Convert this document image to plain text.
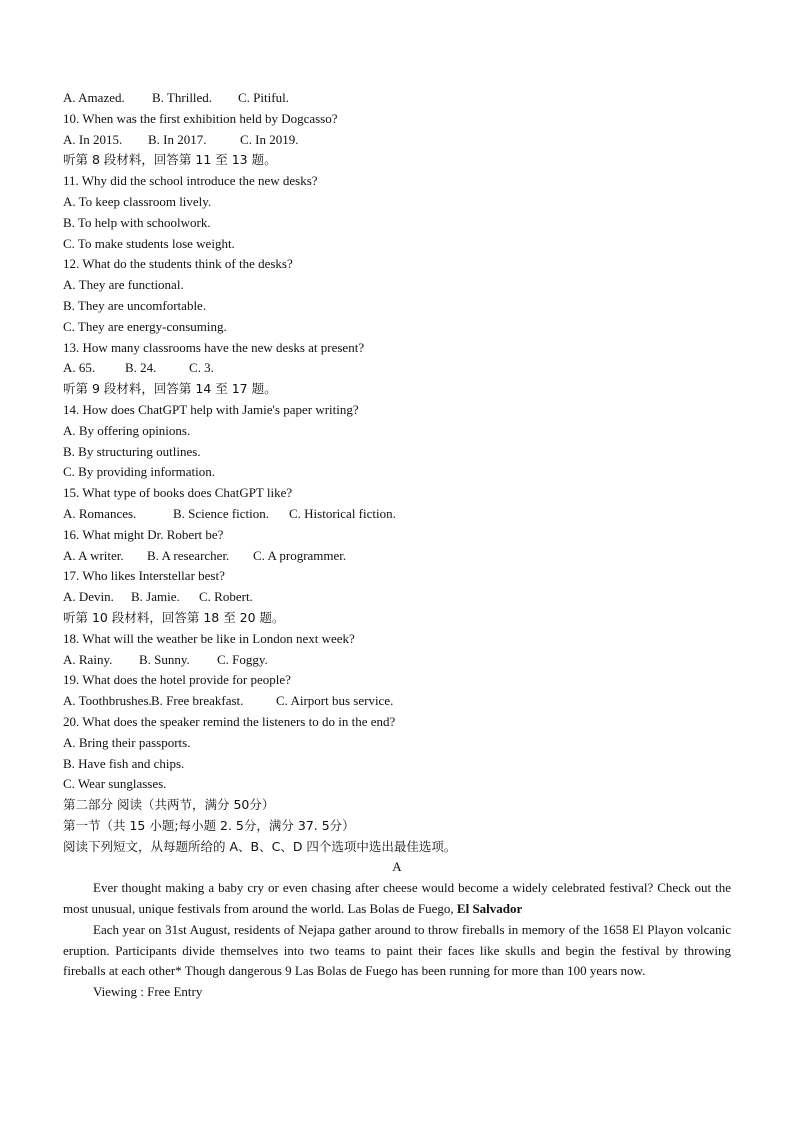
A. Amazed. B. Thrilled. C. Pitiful.
10. When was the first exhibition held by Dogcasso?
A. In 2015. B. In 2017.	C. In 2019.
听第 8 段材料，回答第 11 至 13 题。
11. Why did the school introduce the new desks?
A. To keep classroom lively.
B. To help with schoolwork.
C. To make students lose weight.
12. What do the students think of the desks?
A. They are functional.
B. They are uncomfortable.
C. They are energy-consuming.
13. How many classrooms have the new desks at present?
A. 65. B. 24.	C. 3.
听第 9 段材料，回答第 14 至 17 题。
14. How does ChatGPT help with Jamie's paper writing?
A. By offering opinions.
B. By structuring outlines.
C. By providing information.
15. What type of books does ChatGPT like?
A. Romances.	B. Science fiction. C. Historical fiction.
16. What might Dr. Robert be?
A. A writer. B. A researcher. C. A programmer.
17. Who likes Interstellar best?
A. Devin. B. Jamie. C. Robert.
听第 10 段材料，回答第 18 至 20 题。
18. What will the weather be like in London next week?
A. Rainy. B. Sunny. C. Foggy.
19. What does the hotel provide for people?
A. Toothbrushes.B. Free breakfast.	C. Airport bus service.
20. What does the speaker remind the listeners to do in the end?
A. Bring their passports.
B. Have fish and chips.
C. Wear sunglasses.
第二部分 阅读（共两节，满分 50分）
第一节（共 15 小题;每小题 2. 5分，满分 37. 5分）
阅读下列短文，从每题所给的 A、B、C、D 四个选项中选出最佳选项。
A
Ever thought making a baby cry or even chasing after cheese would become a widely celebrated festival? Check out the most unusual, unique festivals from around the world. Las Bolas de Fuego, El Salvador
Each year on 31st August, residents of Nejapa gather around to throw fireballs in memory of the 1658 El Playon volcanic eruption. Participants divide themselves into two teams to paint their faces like skulls and begin the festival by throwing fireballs at each other* Though dangerous 9 Las Bolas de Fuego has been running for more than 100 years now.
Viewing : Free Entry
